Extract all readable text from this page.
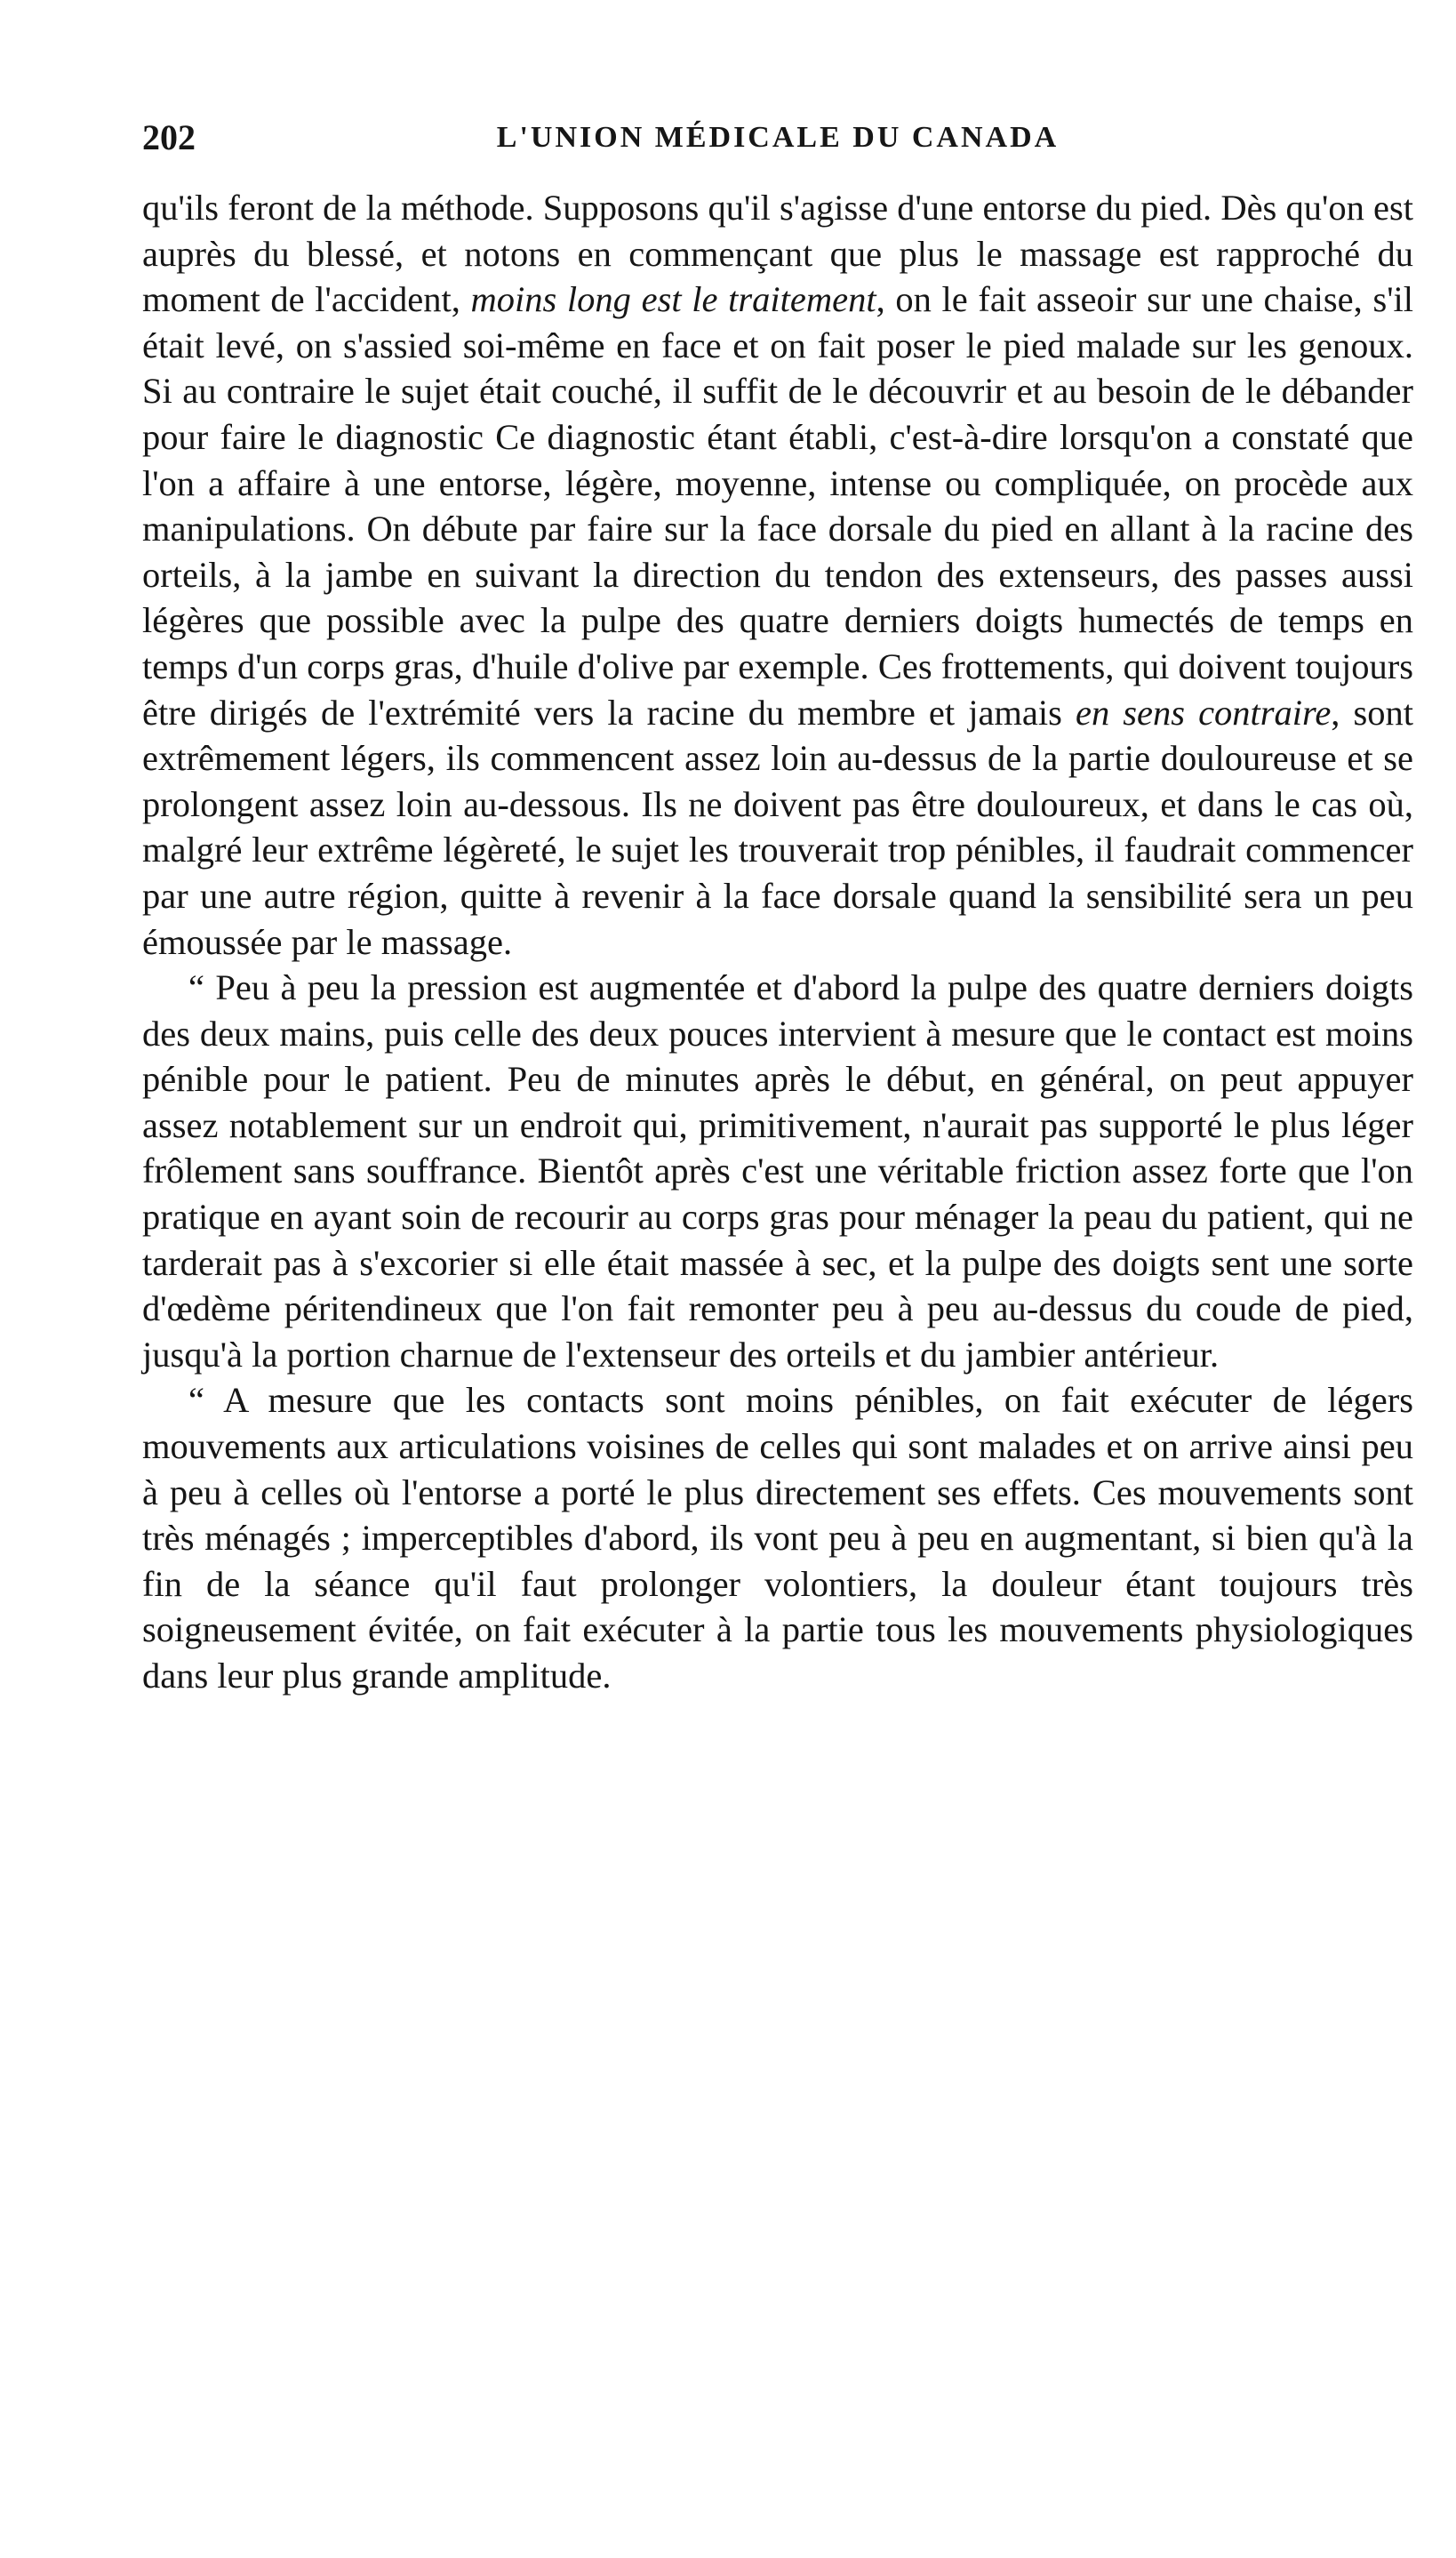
202	L'UNION MÉDICALE DU CANADA

qu'ils feront de la méthode. Supposons qu'il s'agisse d'une entorse du pied. Dès qu'on est auprès du blessé, et notons en commençant que plus le massage est rapproché du moment de l'accident, moins long est le traitement, on le fait asseoir sur une chaise, s'il était levé, on s'assied soi-même en face et on fait poser le pied malade sur les genoux. Si au contraire le sujet était couché, il suffit de le découvrir et au besoin de le débander pour faire le diagnostic Ce diagnostic étant établi, c'est-à-dire lorsqu'on a constaté que l'on a affaire à une entorse, légère, moyenne, intense ou compliquée, on procède aux manipulations. On débute par faire sur la face dorsale du pied en allant à la racine des orteils, à la jambe en suivant la direction du tendon des extenseurs, des passes aussi légères que possible avec la pulpe des quatre derniers doigts humectés de temps en temps d'un corps gras, d'huile d'olive par exemple. Ces frottements, qui doivent toujours être dirigés de l'extrémité vers la racine du membre et jamais en sens contraire, sont extrêmement légers, ils commencent assez loin au-dessus de la partie douloureuse et se prolongent assez loin au-dessous. Ils ne doivent pas être douloureux, et dans le cas où, malgré leur extrême légèreté, le sujet les trouverait trop pénibles, il faudrait commencer par une autre région, quitte à revenir à la face dorsale quand la sensibilité sera un peu émoussée par le massage.

“ Peu à peu la pression est augmentée et d'abord la pulpe des quatre derniers doigts des deux mains, puis celle des deux pouces intervient à mesure que le contact est moins pénible pour le patient. Peu de minutes après le début, en général, on peut appuyer assez notablement sur un endroit qui, primitivement, n'aurait pas supporté le plus léger frôlement sans souffrance. Bientôt après c'est une véritable friction assez forte que l'on pratique en ayant soin de recourir au corps gras pour ménager la peau du patient, qui ne tarderait pas à s'excorier si elle était massée à sec, et la pulpe des doigts sent une sorte d'œdème péritendineux que l'on fait remonter peu à peu au-dessus du coude de pied, jusqu'à la portion charnue de l'extenseur des orteils et du jambier antérieur.

“ A mesure que les contacts sont moins pénibles, on fait exécuter de légers mouvements aux articulations voisines de celles qui sont malades et on arrive ainsi peu à peu à celles où l'entorse a porté le plus directement ses effets. Ces mouvements sont très ménagés ; imperceptibles d'abord, ils vont peu à peu en augmentant, si bien qu'à la fin de la séance qu'il faut prolonger volontiers, la douleur étant toujours très soigneusement évitée, on fait exécuter à la partie tous les mouvements physiologiques dans leur plus grande amplitude.
